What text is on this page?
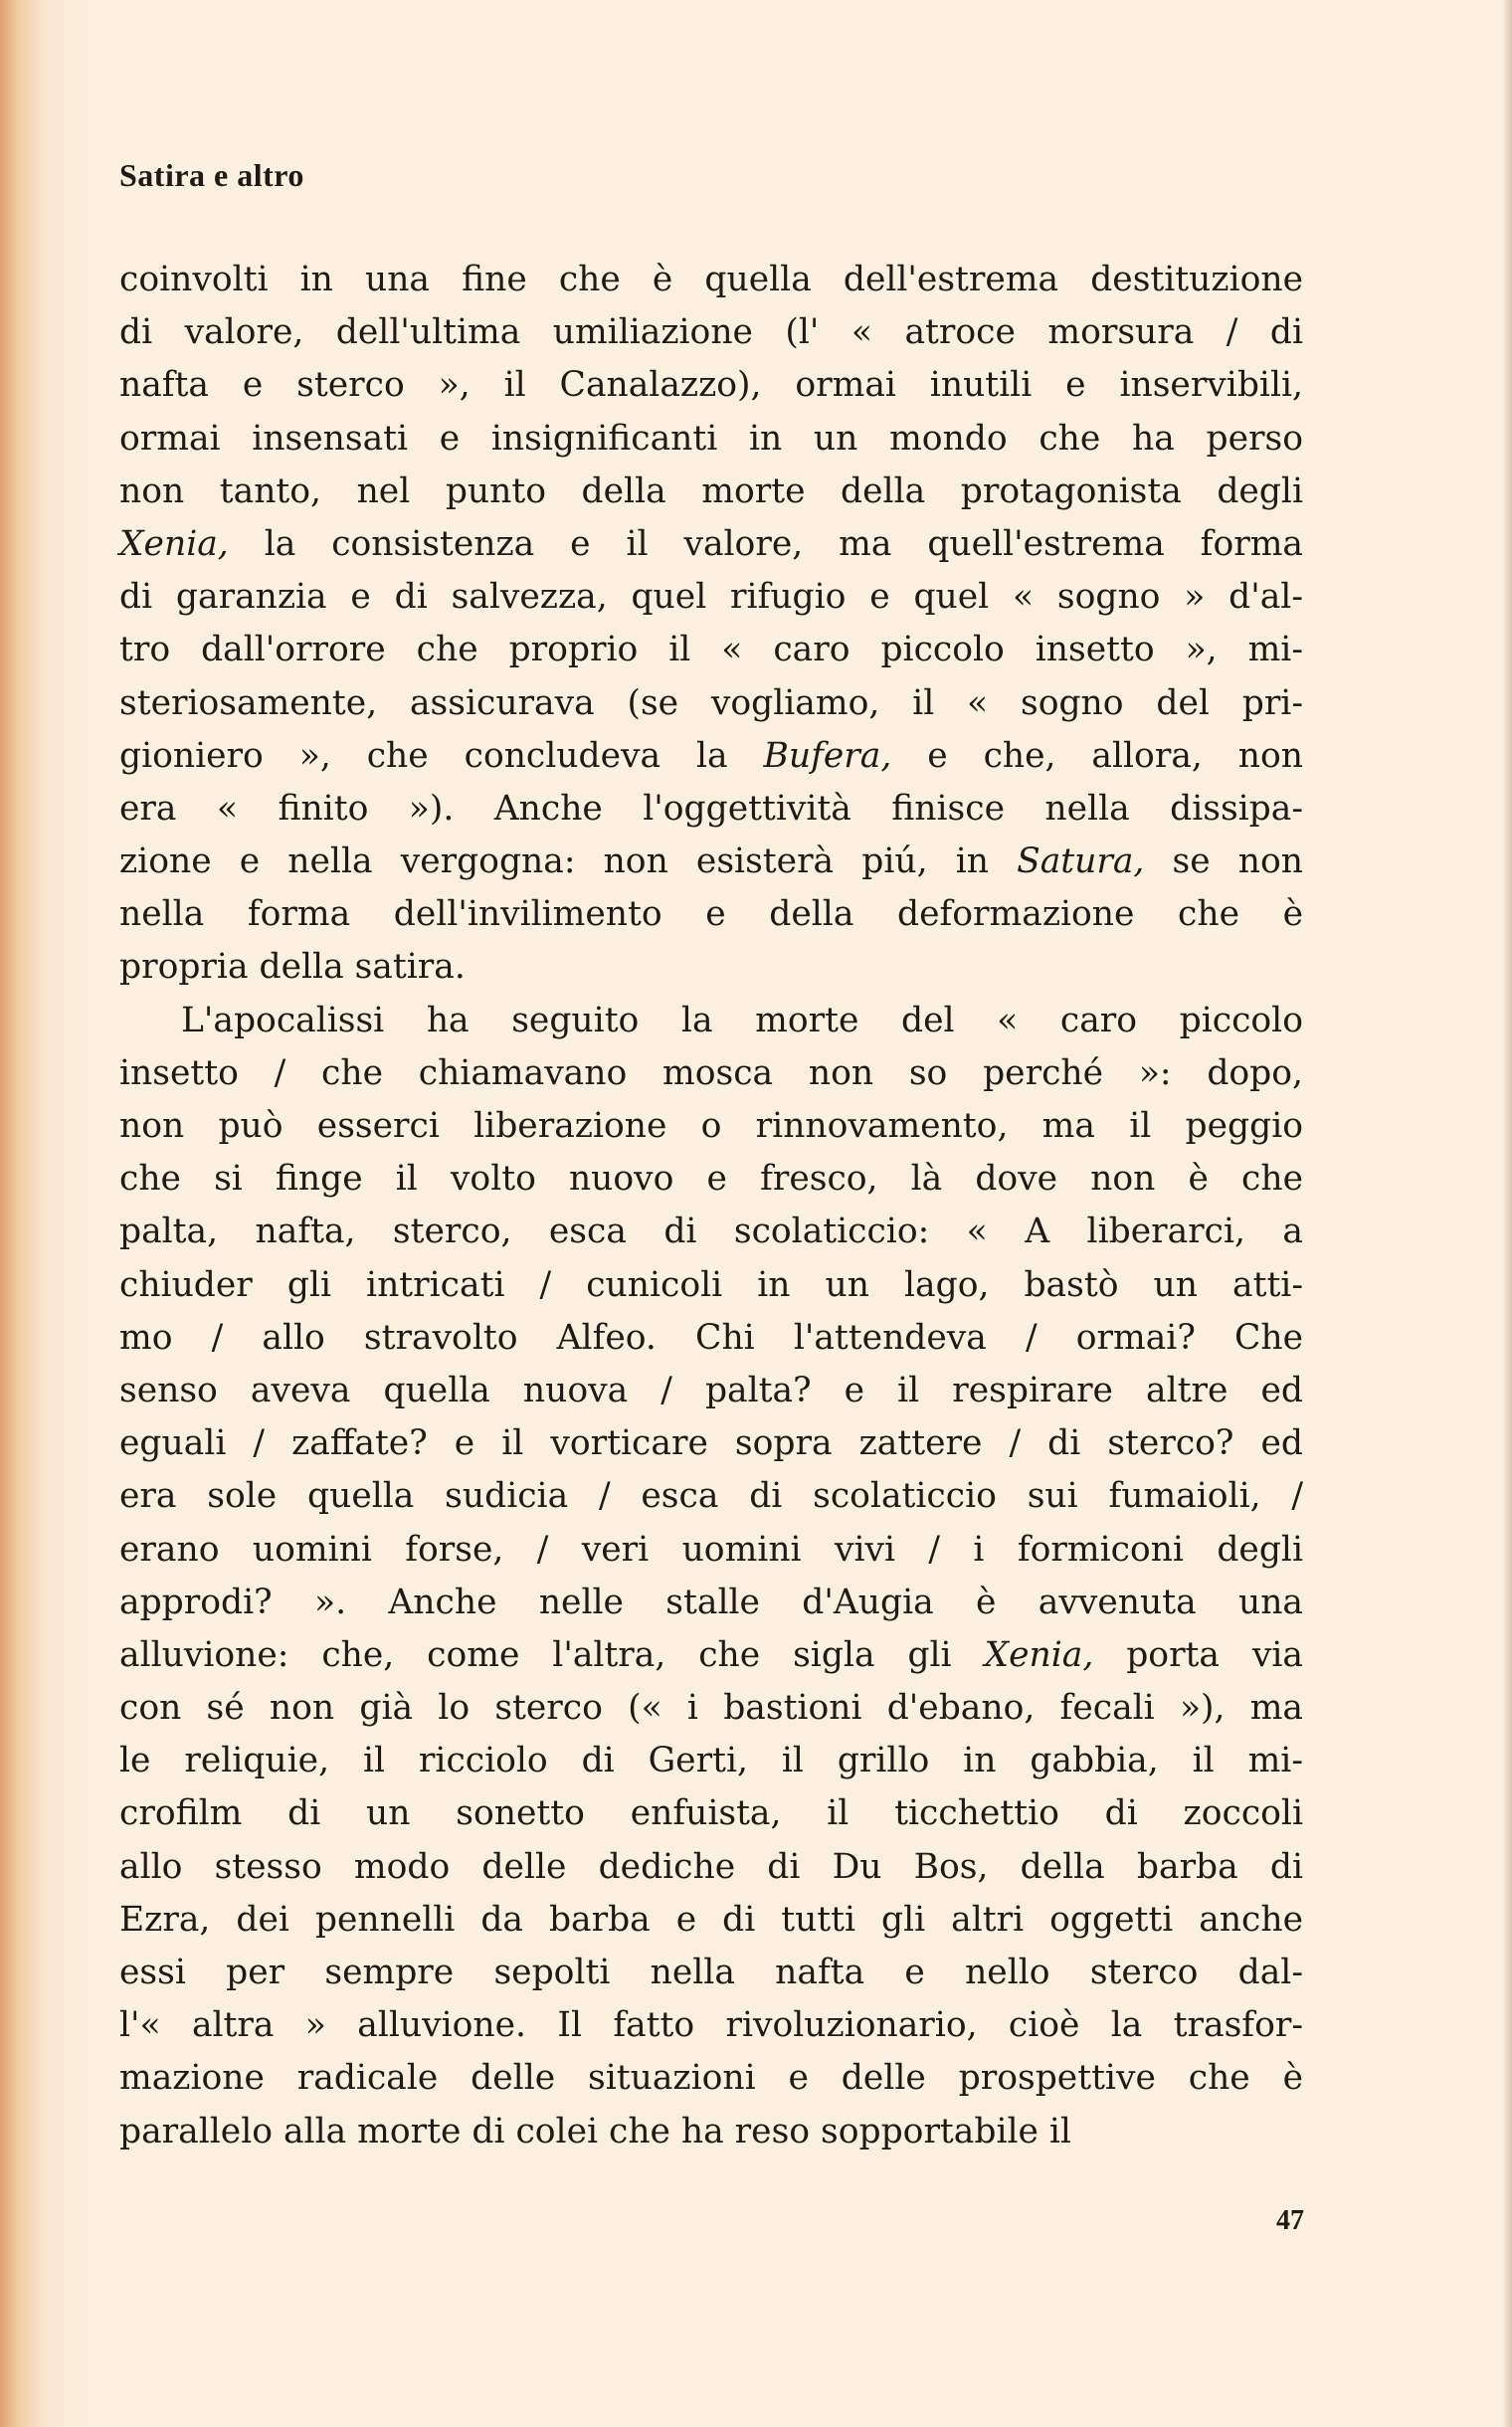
Satira e altro
coinvolti in una fine che è quella dell'estrema destituzione
di valore, dell'ultima umiliazione (l' « atroce morsura / di
nafta e sterco », il Canalazzo), ormai inutili e inservibili,
ormai insensati e insignificanti in un mondo che ha perso
non tanto, nel punto della morte della protagonista degli
Xenia, la consistenza e il valore, ma quell'estrema forma
di garanzia e di salvezza, quel rifugio e quel « sogno » d'al-
tro dall'orrore che proprio il « caro piccolo insetto », mi-
steriosamente, assicurava (se vogliamo, il « sogno del pri-
gioniero », che concludeva la Bufera, e che, allora, non
era « finito »). Anche l'oggettività finisce nella dissipa-
zione e nella vergogna: non esisterà piú, in Satura, se non
nella forma dell'invilimento e della deformazione che è
propria della satira.
L'apocalissi ha seguito la morte del « caro piccolo
insetto / che chiamavano mosca non so perché »: dopo,
non può esserci liberazione o rinnovamento, ma il peggio
che si finge il volto nuovo e fresco, là dove non è che
palta, nafta, sterco, esca di scolaticcio: « A liberarci, a
chiuder gli intricati / cunicoli in un lago, bastò un atti-
mo / allo stravolto Alfeo. Chi l'attendeva / ormai? Che
senso aveva quella nuova / palta? e il respirare altre ed
eguali / zaffate? e il vorticare sopra zattere / di sterco? ed
era sole quella sudicia / esca di scolaticcio sui fumaioli, /
erano uomini forse, / veri uomini vivi / i formiconi degli
approdi? ». Anche nelle stalle d'Augia è avvenuta una
alluvione: che, come l'altra, che sigla gli Xenia, porta via
con sé non già lo sterco (« i bastioni d'ebano, fecali »), ma
le reliquie, il ricciolo di Gerti, il grillo in gabbia, il mi-
crofilm di un sonetto enfuista, il ticchettio di zoccoli
allo stesso modo delle dediche di Du Bos, della barba di
Ezra, dei pennelli da barba e di tutti gli altri oggetti anche
essi per sempre sepolti nella nafta e nello sterco dal-
l'« altra » alluvione. Il fatto rivoluzionario, cioè la trasfor-
mazione radicale delle situazioni e delle prospettive che è
parallelo alla morte di colei che ha reso sopportabile il
47
